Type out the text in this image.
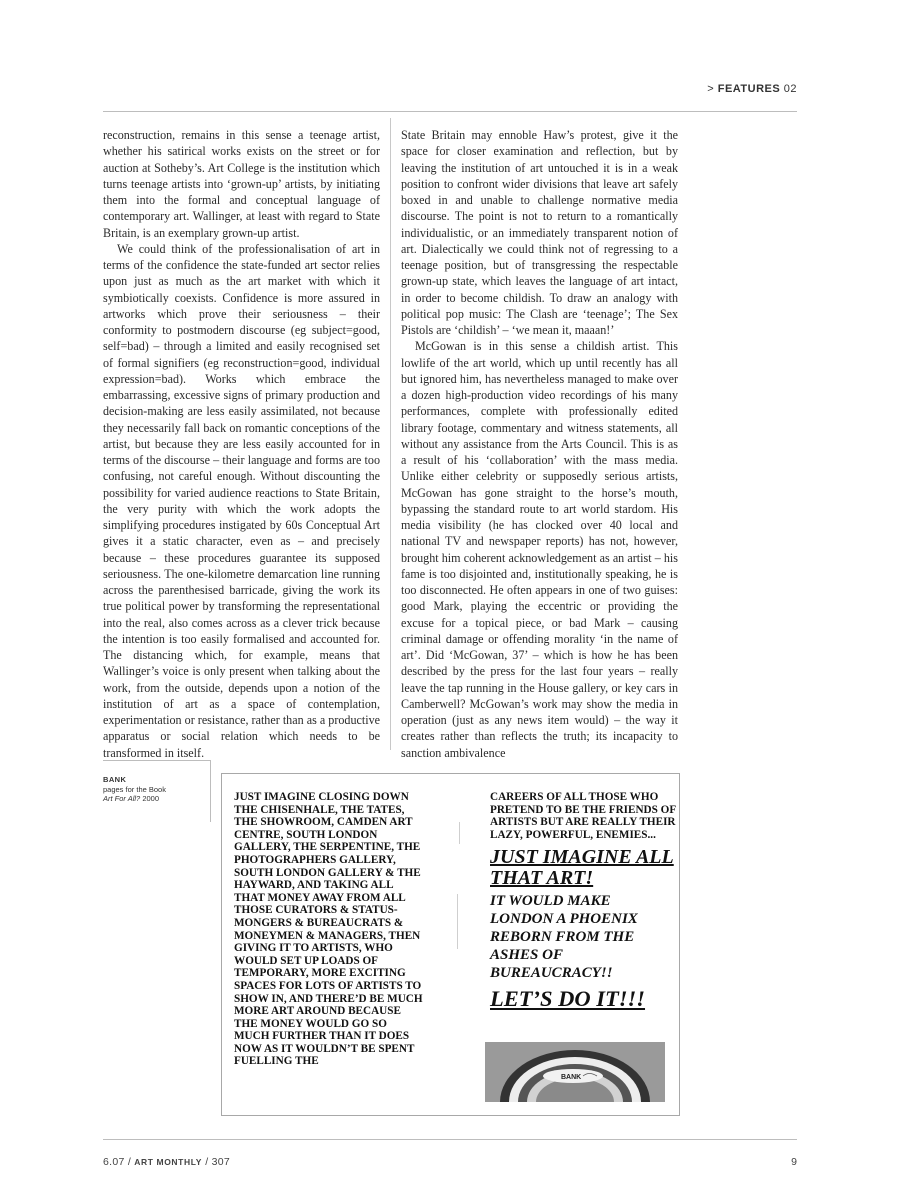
> FEATURES 02

reconstruction, remains in this sense a teenage artist, whether his satirical works exists on the street or for auction at Sotheby’s. Art College is the institution which turns teenage artists into ‘grown-up’ artists, by initiating them into the formal and conceptual language of contemporary art. Wallinger, at least with regard to State Britain, is an exemplary grown-up artist.

We could think of the professionalisation of art in terms of the confidence the state-funded art sector relies upon just as much as the art market with which it symbiotically coexists. Confidence is more assured in artworks which prove their seriousness – their conformity to postmodern discourse (eg subject=good, self=bad) – through a limited and easily recognised set of formal signifiers (eg reconstruction=good, individual expression=bad). Works which embrace the embarrassing, excessive signs of primary production and decision-making are less easily assimilated, not because they necessarily fall back on romantic conceptions of the artist, but because they are less easily accounted for in terms of the discourse – their language and forms are too confusing, not careful enough. Without discounting the possibility for varied audience reactions to State Britain, the very purity with which the work adopts the simplifying procedures instigated by 60s Conceptual Art gives it a static character, even as – and precisely because – these procedures guarantee its supposed seriousness. The one-kilometre demarcation line running across the parenthesised barricade, giving the work its true political power by transforming the representational into the real, also comes across as a clever trick because the intention is too easily formalised and accounted for. The distancing which, for example, means that Wallinger’s voice is only present when talking about the work, from the outside, depends upon a notion of the institution of art as a space of contemplation, experimentation or resistance, rather than as a productive apparatus or social relation which needs to be transformed in itself.

State Britain may ennoble Haw’s protest, give it the space for closer examination and reflection, but by leaving the institution of art untouched it is in a weak position to confront wider divisions that leave art safely boxed in and unable to challenge normative media discourse. The point is not to return to a romantically individualistic, or an immediately transparent notion of art. Dialectically we could think not of regressing to a teenage position, but of transgressing the respectable grown-up state, which leaves the language of art intact, in order to become childish. To draw an analogy with political pop music: The Clash are ‘teenage’; The Sex Pistols are ‘childish’ – ‘we mean it, maaan!’

McGowan is in this sense a childish artist. This lowlife of the art world, which up until recently has all but ignored him, has nevertheless managed to make over a dozen high-production video recordings of his many performances, complete with professionally edited library footage, commentary and witness statements, all without any assistance from the Arts Council. This is as a result of his ‘collaboration’ with the mass media. Unlike either celebrity or supposedly serious artists, McGowan has gone straight to the horse’s mouth, bypassing the standard route to art world stardom. His media visibility (he has clocked over 40 local and national TV and newspaper reports) has not, however, brought him coherent acknowledgement as an artist – his fame is too disjointed and, institutionally speaking, he is too disconnected. He often appears in one of two guises: good Mark, playing the eccentric or providing the excuse for a topical piece, or bad Mark – causing criminal damage or offending morality ‘in the name of art’. Did ‘McGowan, 37’ – which is how he has been described by the press for the last four years – really leave the tap running in the House gallery, or key cars in Camberwell? McGowan’s work may show the media in operation (just as any news item would) – the way it creates rather than reflects the truth; its incapacity to sanction ambivalence

BANK
pages for the Book
Art For All? 2000	JUST IMAGINE CLOSING DOWN THE CHISENHALE, THE TATES, THE SHOWROOM, CAMDEN ART CENTRE, SOUTH LONDON GALLERY, THE SERPENTINE, THE PHOTOGRAPHERS GALLERY, SOUTH LONDON GALLERY & THE HAYWARD, AND TAKING ALL THAT MONEY AWAY FROM ALL THOSE CURATORS & STATUS-MONGERS & BUREAUCRATS & MONEYMEN & MANAGERS, THEN GIVING IT TO ARTISTS, WHO WOULD SET UP LOADS OF TEMPORARY, MORE EXCITING SPACES FOR LOTS OF ARTISTS TO SHOW IN, AND THERE’D BE MUCH MORE ART AROUND BECAUSE THE MONEY WOULD GO SO MUCH FURTHER THAN IT DOES NOW AS IT WOULDN’T BE SPENT FUELLING THE
CAREERS OF ALL THOSE WHO PRETEND TO BE THE FRIENDS OF ARTISTS BUT ARE REALLY THEIR LAZY, POWERFUL, ENEMIES...
JUST IMAGINE ALL THAT ART!
IT WOULD MAKE LONDON A PHOENIX REBORN FROM THE ASHES OF BUREAUCRACY!!
LET’S DO IT!!!
BANK
6.07 / ART MONTHLY / 307	9
